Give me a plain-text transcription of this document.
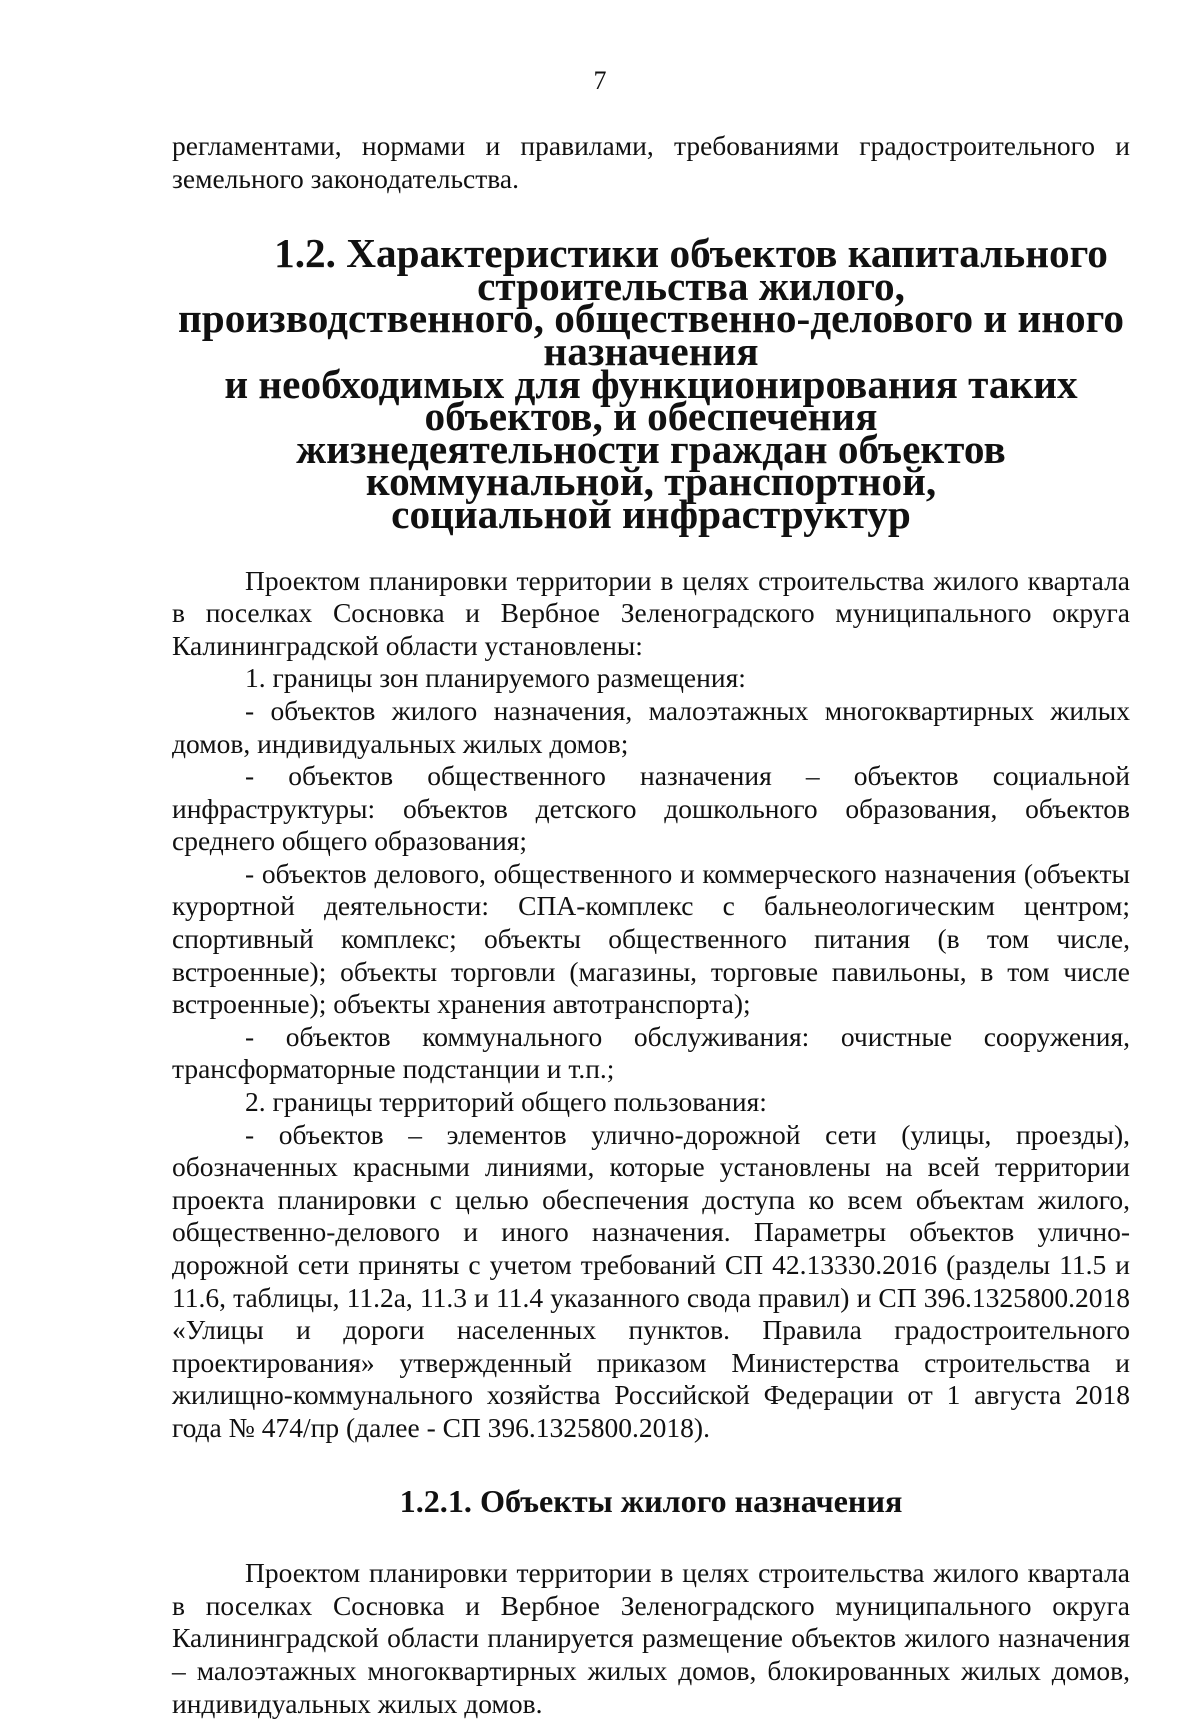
7

регламентами, нормами и правилами, требованиями градостроительного и земельного законодательства.

1.2. Характеристики объектов капитального строительства жилого,
производственного, общественно-делового и иного назначения
и необходимых для функционирования таких объектов, и обеспечения
жизнедеятельности граждан объектов коммунальной, транспортной,
социальной инфраструктур

Проектом планировки территории в целях строительства жилого квартала в поселках Сосновка и Вербное Зеленоградского муниципального округа Калининградской области установлены:

1. границы зон планируемого размещения:

- объектов жилого назначения, малоэтажных многоквартирных жилых домов, индивидуальных жилых домов;

- объектов общественного назначения – объектов социальной инфраструктуры: объектов детского дошкольного образования, объектов среднего общего образования;

- объектов делового, общественного и коммерческого назначения (объекты курортной деятельности: СПА-комплекс с бальнеологическим центром; спортивный комплекс; объекты общественного питания (в том числе, встроенные); объекты торговли (магазины, торговые павильоны, в том числе встроенные); объекты хранения автотранспорта);

- объектов коммунального обслуживания: очистные сооружения, трансформаторные подстанции и т.п.;

2. границы территорий общего пользования:

- объектов – элементов улично-дорожной сети (улицы, проезды), обозначенных красными линиями, которые установлены на всей территории проекта планировки с целью обеспечения доступа ко всем объектам жилого, общественно-делового и иного назначения. Параметры объектов улично-дорожной сети приняты с учетом требований СП 42.13330.2016 (разделы 11.5 и 11.6, таблицы, 11.2а, 11.3 и 11.4 указанного свода правил) и СП 396.1325800.2018 «Улицы и дороги населенных пунктов. Правила градостроительного проектирования» утвержденный приказом Министерства строительства и жилищно-коммунального хозяйства Российской Федерации от 1 августа 2018 года № 474/пр (далее - СП 396.1325800.2018).

1.2.1. Объекты жилого назначения

Проектом планировки территории в целях строительства жилого квартала в поселках Сосновка и Вербное Зеленоградского муниципального округа Калининградской области планируется размещение объектов жилого назначения – малоэтажных многоквартирных жилых домов, блокированных жилых домов, индивидуальных жилых домов.
